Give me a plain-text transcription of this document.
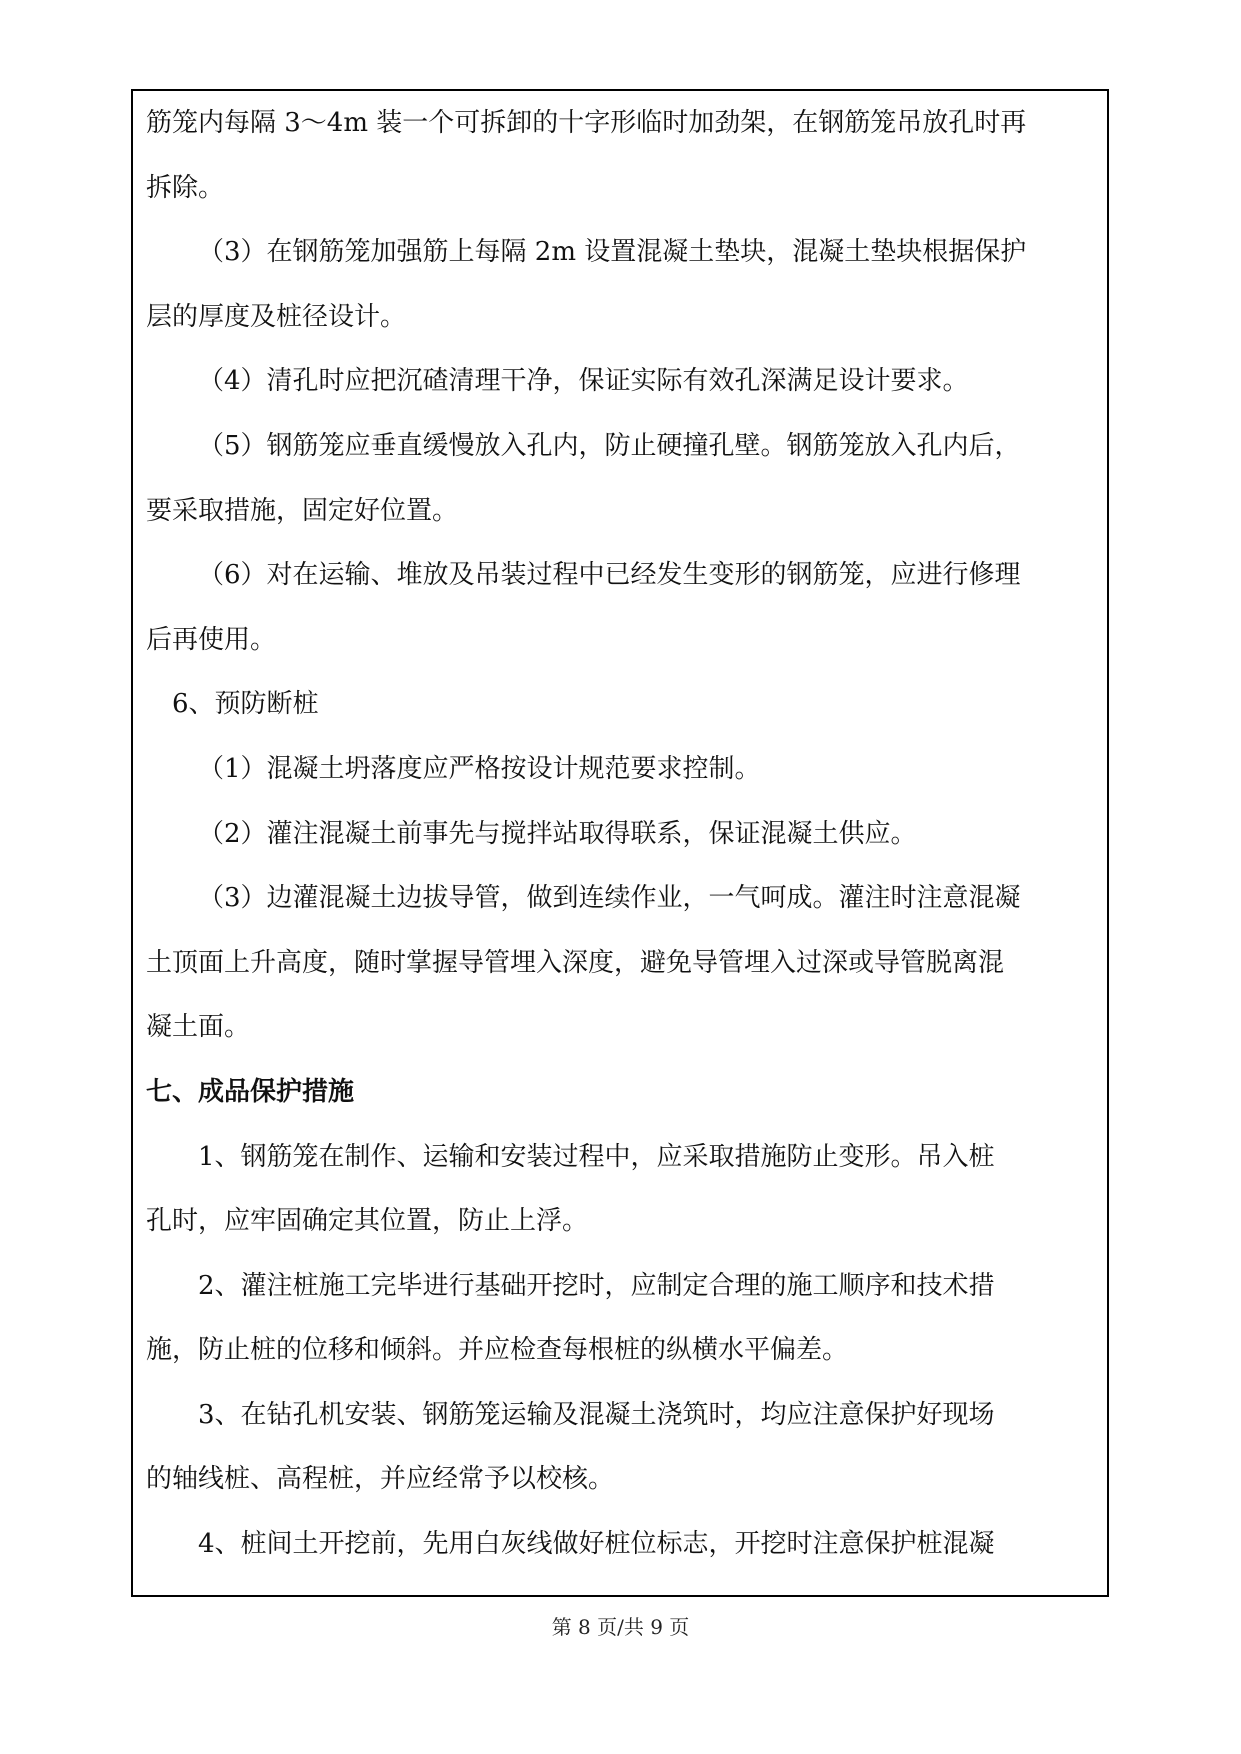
筋笼内每隔 3～4m 装一个可拆卸的十字形临时加劲架，在钢筋笼吊放孔时再

拆除。

（3）在钢筋笼加强筋上每隔 2m 设置混凝土垫块，混凝土垫块根据保护

层的厚度及桩径设计。

（4）清孔时应把沉碴清理干净，保证实际有效孔深满足设计要求。

（5）钢筋笼应垂直缓慢放入孔内，防止硬撞孔壁。钢筋笼放入孔内后，

要采取措施，固定好位置。

（6）对在运输、堆放及吊装过程中已经发生变形的钢筋笼，应进行修理

后再使用。

6、预防断桩

（1）混凝土坍落度应严格按设计规范要求控制。

（2）灌注混凝土前事先与搅拌站取得联系，保证混凝土供应。

（3）边灌混凝土边拔导管，做到连续作业，一气呵成。灌注时注意混凝

土顶面上升高度，随时掌握导管埋入深度，避免导管埋入过深或导管脱离混

凝土面。

七、成品保护措施

1、钢筋笼在制作、运输和安装过程中，应采取措施防止变形。吊入桩

孔时，应牢固确定其位置，防止上浮。

2、灌注桩施工完毕进行基础开挖时，应制定合理的施工顺序和技术措

施，防止桩的位移和倾斜。并应检查每根桩的纵横水平偏差。

3、在钻孔机安装、钢筋笼运输及混凝土浇筑时，均应注意保护好现场

的轴线桩、高程桩，并应经常予以校核。

4、桩间土开挖前，先用白灰线做好桩位标志，开挖时注意保护桩混凝

第 8 页/共 9 页
